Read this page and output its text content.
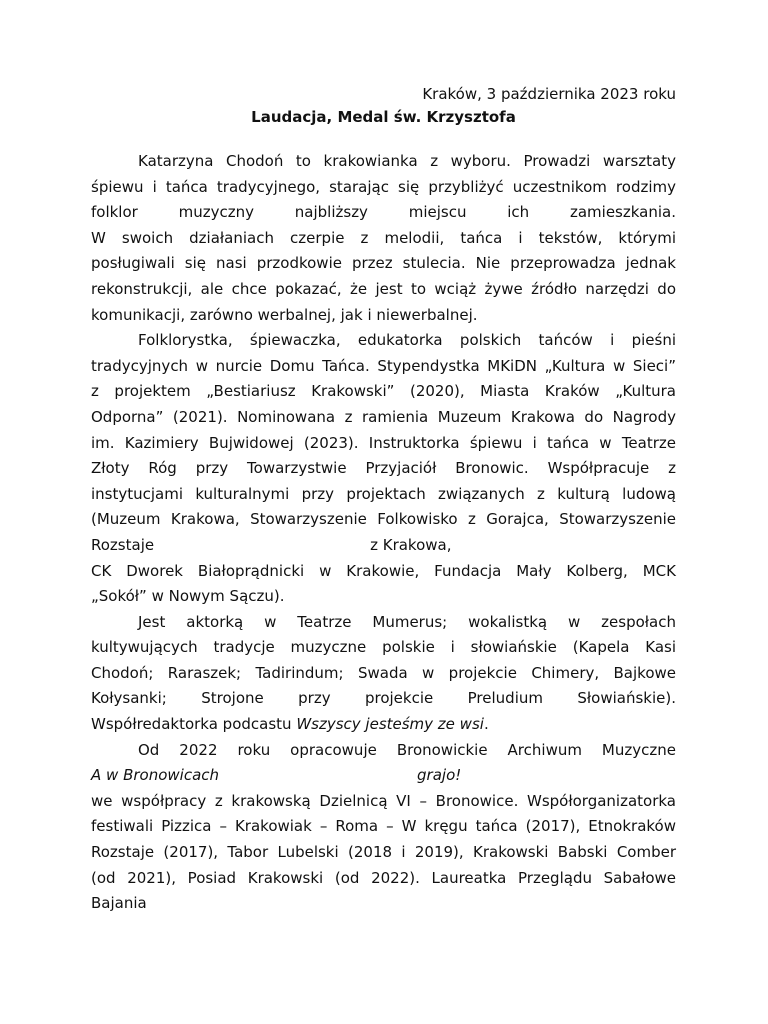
Kraków, 3 października 2023 roku

Laudacja, Medal św. Krzysztofa

Katarzyna Chodoń to krakowianka z wyboru. Prowadzi warsztaty
śpiewu i tańca tradycyjnego, starając się przybliżyć uczestnikom rodzimy
folklor muzyczny najbliższy miejscu ich zamieszkania.
W swoich działaniach czerpie z melodii, tańca i tekstów, którymi
posługiwali się nasi przodkowie przez stulecia. Nie przeprowadza jednak
rekonstrukcji, ale chce pokazać, że jest to wciąż żywe źródło narzędzi do
komunikacji, zarówno werbalnej, jak i niewerbalnej.
Folklorystka, śpiewaczka, edukatorka polskich tańców i pieśni
tradycyjnych w nurcie Domu Tańca. Stypendystka MKiDN „Kultura w Sieci”
z projektem „Bestiariusz Krakowski” (2020), Miasta Kraków „Kultura
Odporna” (2021). Nominowana z ramienia Muzeum Krakowa do Nagrody
im. Kazimiery Bujwidowej (2023). Instruktorka śpiewu i tańca w Teatrze
Złoty Róg przy Towarzystwie Przyjaciół Bronowic. Współpracuje z
instytucjami kulturalnymi przy projektach związanych z kulturą ludową
(Muzeum Krakowa, Stowarzyszenie Folkowisko z Gorajca, Stowarzyszenie
Rozstaje	z Krakowa,
CK Dworek Białoprądnicki w Krakowie, Fundacja Mały Kolberg, MCK
„Sokół” w Nowym Sączu).
Jest aktorką w Teatrze Mumerus; wokalistką w zespołach
kultywujących tradycje muzyczne polskie i słowiańskie (Kapela Kasi
Chodoń; Raraszek; Tadirindum; Swada w projekcie Chimery, Bajkowe
Kołysanki; Strojone przy projekcie Preludium Słowiańskie).
Współredaktorka podcastu Wszyscy jesteśmy ze wsi.
Od 2022 roku opracowuje Bronowickie Archiwum Muzyczne
A w Bronowicach	grajo!
we współpracy z krakowską Dzielnicą VI – Bronowice. Współorganizatorka
festiwali Pizzica – Krakowiak – Roma – W kręgu tańca (2017), Etnokraków
Rozstaje (2017), Tabor Lubelski (2018 i 2019), Krakowski Babski Comber
(od 2021), Posiad Krakowski (od 2022). Laureatka Przeglądu Sabałowe
Bajania
